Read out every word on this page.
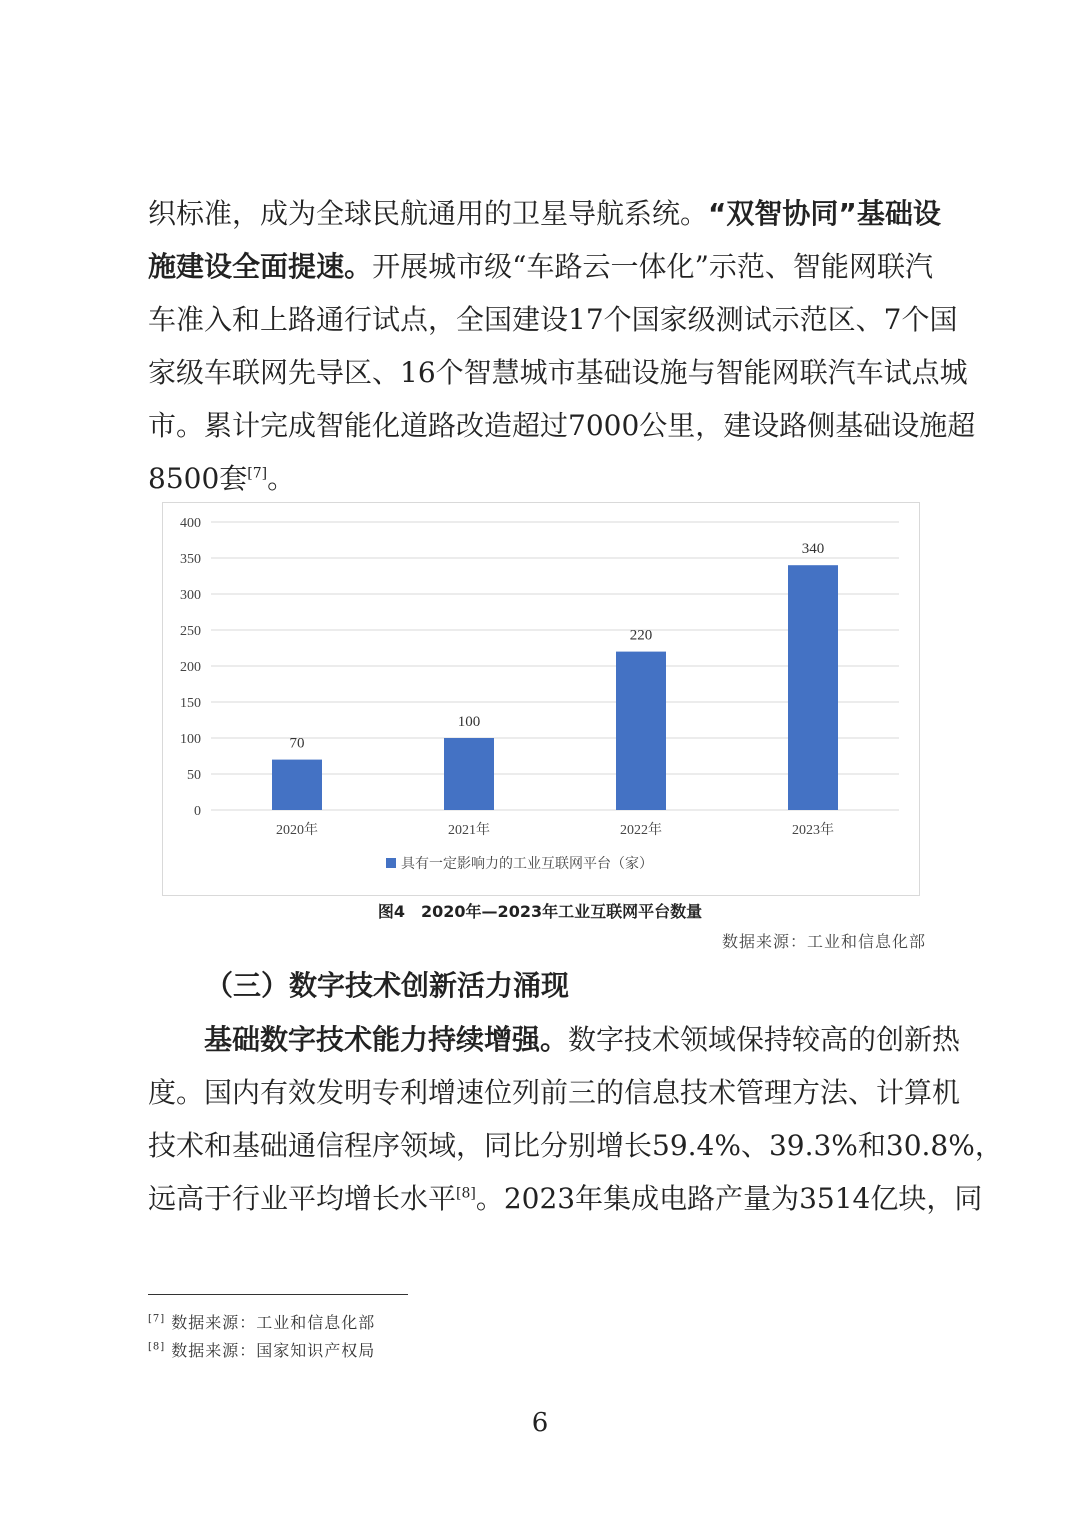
织标准，成为全球民航通用的卫星导航系统。“双智协同”基础设
施建设全面提速。开展城市级“车路云一体化”示范、智能网联汽
车准入和上路通行试点，全国建设17个国家级测试示范区、7个国
家级车联网先导区、16个智慧城市基础设施与智能网联汽车试点城
市。累计完成智能化道路改造超过7000公里，建设路侧基础设施超
8500套[7]。
0
50
100
150
200
250
300
350
400
70
2020年
100
2021年
220
2022年
340
2023年
具有一定影响力的工业互联网平台（家）
图4　2020年—2023年工业互联网平台数量
数据来源：工业和信息化部
（三）数字技术创新活力涌现
基础数字技术能力持续增强。数字技术领域保持较高的创新热
度。国内有效发明专利增速位列前三的信息技术管理方法、计算机
技术和基础通信程序领域，同比分别增长59.4%、39.3%和30.8%，
远高于行业平均增长水平[8]。2023年集成电路产量为3514亿块，同
[7] 数据来源：工业和信息化部
[8] 数据来源：国家知识产权局
6
